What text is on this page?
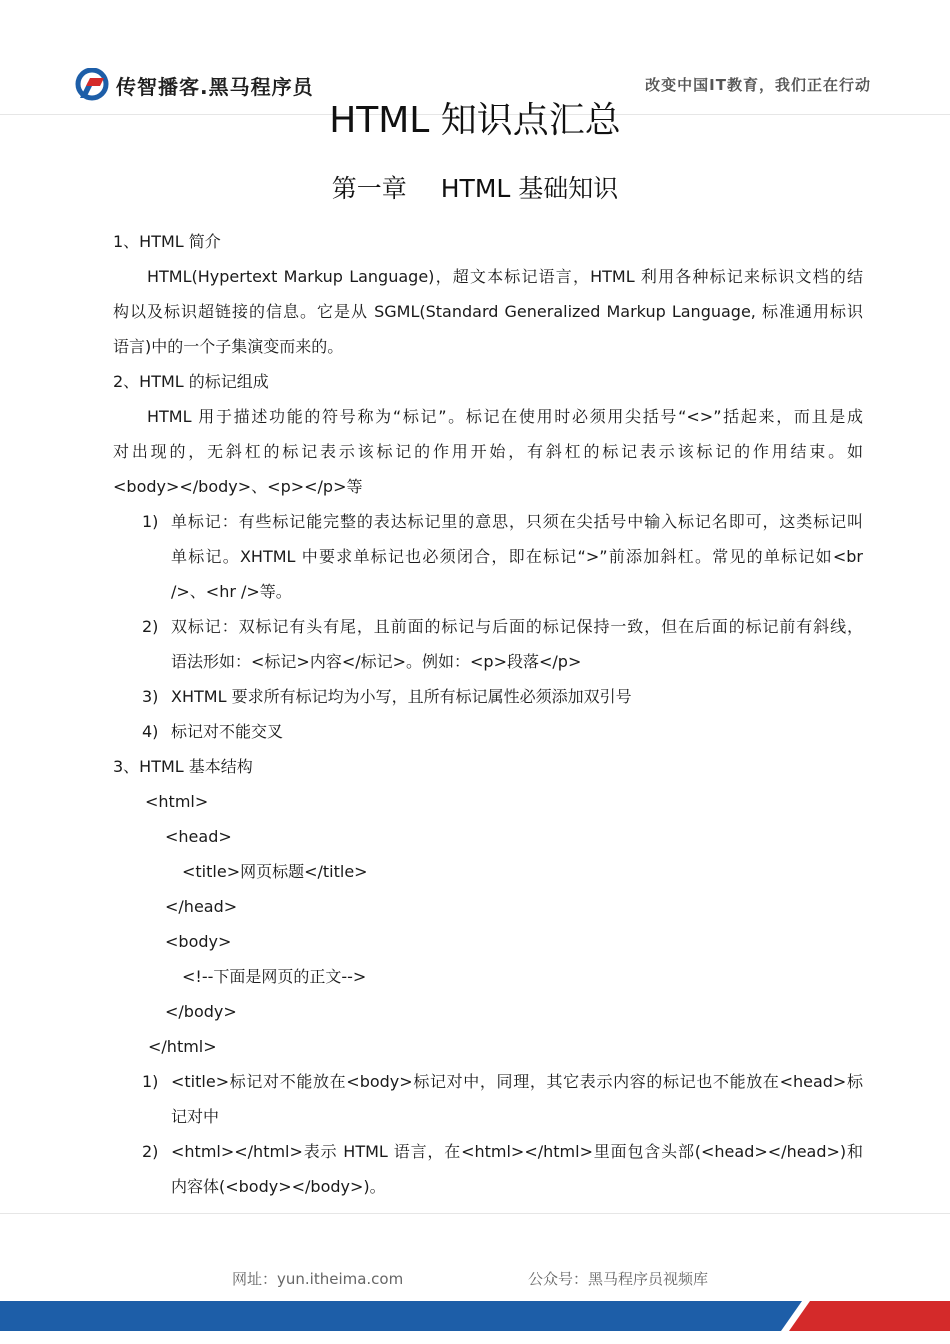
传智播客.黑马程序员	改变中国IT教育，我们正在行动
HTML 知识点汇总
第一章 HTML 基础知识
1、HTML 简介
HTML(Hypertext Markup Language)，超文本标记语言，HTML 利用各种标记来标识文档的结
构以及标识超链接的信息。它是从 SGML(Standard Generalized Markup Language, 标准通用标识
语言)中的一个子集演变而来的。
2、HTML 的标记组成
HTML 用于描述功能的符号称为“标记”。标记在使用时必须用尖括号“<>”括起来，而且是成
对出现的，无斜杠的标记表示该标记的作用开始，有斜杠的标记表示该标记的作用结束。如
<body></body>、<p></p>等
1) 单标记：有些标记能完整的表达标记里的意思，只须在尖括号中输入标记名即可，这类标记叫
单标记。XHTML 中要求单标记也必须闭合，即在标记“>”前添加斜杠。常见的单标记如<br
/>、<hr />等。
2) 双标记：双标记有头有尾，且前面的标记与后面的标记保持一致，但在后面的标记前有斜线，
语法形如：<标记>内容</标记>。例如：<p>段落</p>
3) XHTML 要求所有标记均为小写，且所有标记属性必须添加双引号
4) 标记对不能交叉
3、HTML 基本结构
<html>
<head>
<title>网页标题</title>
</head>
<body>
<!--下面是网页的正文-->
</body>
</html>
1) <title>标记对不能放在<body>标记对中，同理，其它表示内容的标记也不能放在<head>标
记对中
2) <html></html>表示 HTML 语言，在<html></html>里面包含头部(<head></head>)和
内容体(<body></body>)。
网址：yun.itheima.com	公众号：黑马程序员视频库
